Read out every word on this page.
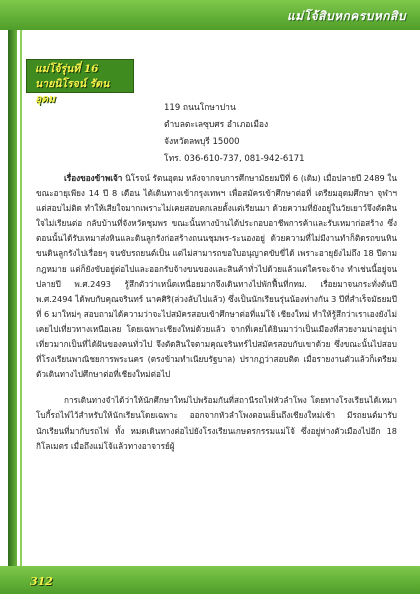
แม่โจ้สิบหกครบหกสิบ
แม่โจ้รุ่นที่ 16
นายนิโรจน์ รัตนอุดม
119 ถนนโกษาปาน
ตำบลตะเลซุบศร อำเภอเมือง
จังหวัดลพบุรี 15000
โทร. 036-610-737, 081-942-6171

เรื่องของข้าพเจ้า นิโรจน์ รัตนอุดม หลังจากจบการศึกษามัธยมปีที่ 6 (เดิม) เมื่อปลายปี 2489 ในขณะอายุเพียง 14 ปี 8 เดือน ได้เดินทางเข้ากรุงเทพฯ เพื่อสมัครเข้าศึกษาต่อที่ เตรียมอุดมศึกษา จุฬาฯ แต่สอบไม่ติด ทำให้เสียใจมากเพราะไม่เคยสอบตกเลยตั้งแต่เรียนมา ด้วยความที่ยังอยู่ในวัยเยาว์จึงตัดสินใจไม่เรียนต่อ กลับบ้านที่จังหวัดชุมพร ขณะนั้นทางบ้านได้ประกอบอาชีพการค้าและรับเหมาก่อสร้าง ซึ่งตอนนั้นได้รับเหมาส่งหินและดินลูกรังก่อสร้างถนนชุมพร-ระนองอยู่ ด้วยความที่ไม่มีงานทำก็ติดรถขนหิน ขนดินลูกรังไปเรื่อยๆ จนขับรถยนต์เป็น แต่ไม่สามารถขอใบอนุญาตขับขี่ได้ เพราะอายุยังไม่ถึง 18 ปีตามกฎหมาย แต่ก็ยังขับอยู่ต่อไปและออกรับจ้างขนของและสินค้าทั่วไปด้วยแล้วแต่ใครจะจ้าง ทำเช่นนี้อยู่จนปลายปี พ.ศ.2493 รู้สึกตัวว่าเหน็ดเหนื่อยมากจึงเดินทางไปพักฟื้นที่กทม. เรื่อยมาจนกระทั่งต้นปี พ.ศ.2494 ได้พบกับคุณจรินทร์ นาคศิริ(ล่วงลับไปแล้ว) ซึ่งเป็นนักเรียนรุ่นน้องห่างกัน 3 ปีที่สำเร็จมัธยมปีที่ 6 มาใหม่ๆ สอบถามได้ความว่าจะไปสมัครสอบเข้าศึกษาต่อที่แม่โจ้ เชียงใหม่ ทำให้รู้สึกว่าเราเองยังไม่เคยไปเที่ยวทางเหนือเลย โดยเฉพาะเชียงใหม่ด้วยแล้ว จากที่เคยได้ยินมาว่าเป็นเมืองที่สวยงามน่าอยู่น่าเที่ยวมากเป็นที่ได้ฝันของคนทั่วไป จึงตัดสินใจตามคุณจรินทร์ไปสมัครสอบกับเขาด้วย ซึ่งขณะนั้นไปสอบที่โรงเรียนพาณิชยการพระนคร (ตรงข้ามทำเนียบรัฐบาล) ปรากฏว่าสอบติด เมื่อรายงานตัวแล้วก็เตรียมตัวเดินทางไปศึกษาต่อที่เชียงใหม่ต่อไป

การเดินทางจำได้ว่าให้นักศึกษาใหม่ไปพร้อมกันที่สถานีรถไฟหัวลำโพง โดยทางโรงเรียนได้เหมาโบกี้รถไฟไว้สำหรับให้นักเรียนโดยเฉพาะ ออกจากหัวลำโพงตอนเย็นถึงเชียงใหม่เช้า มีรถยนต์มารับนักเรียนที่มากับรถไฟ ทั้ง หมดเดินทางต่อไปยังโรงเรียนเกษตรกรรมแม่โจ้ ซึ่งอยู่ห่างตัวเมืองไปอีก 18 กิโลเมตร เมื่อถึงแม่โจ้แล้วทางอาจารย์ผู้

312
